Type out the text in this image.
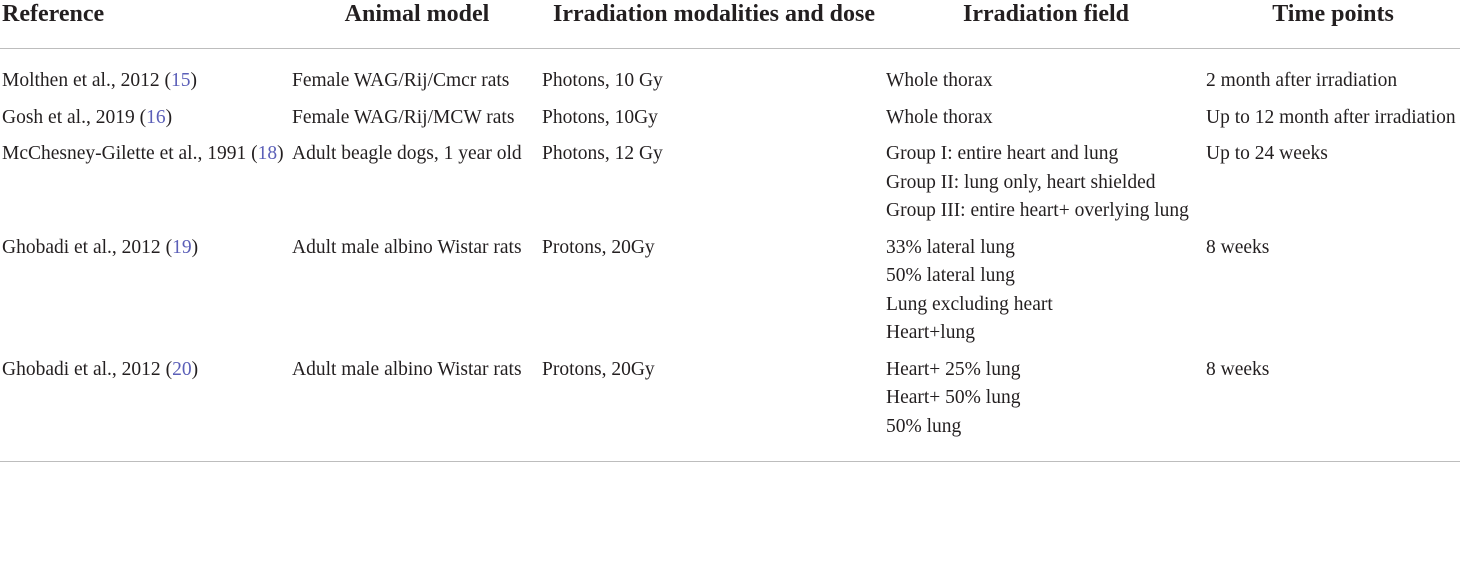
Reference	Animal model	Irradiation modalities and dose	Irradiation field	Time points
Molthen et al., 2012 (15)	Female WAG/Rij/Cmcr rats	Photons, 10 Gy	Whole thorax	2 month after irradiation
Gosh et al., 2019 (16)	Female WAG/Rij/MCW rats	Photons, 10Gy	Whole thorax	Up to 12 month after irradiation
McChesney-Gilette et al., 1991 (18)	Adult beagle dogs, 1 year old	Photons, 12 Gy	Group I: entire heart and lung
Group II: lung only, heart shielded
Group III: entire heart+ overlying lung	Up to 24 weeks
Ghobadi et al., 2012 (19)	Adult male albino Wistar rats	Protons, 20Gy	33% lateral lung
50% lateral lung
Lung excluding heart
Heart+lung	8 weeks
Ghobadi et al., 2012 (20)	Adult male albino Wistar rats	Protons, 20Gy	Heart+ 25% lung
Heart+ 50% lung
50% lung	8 weeks
